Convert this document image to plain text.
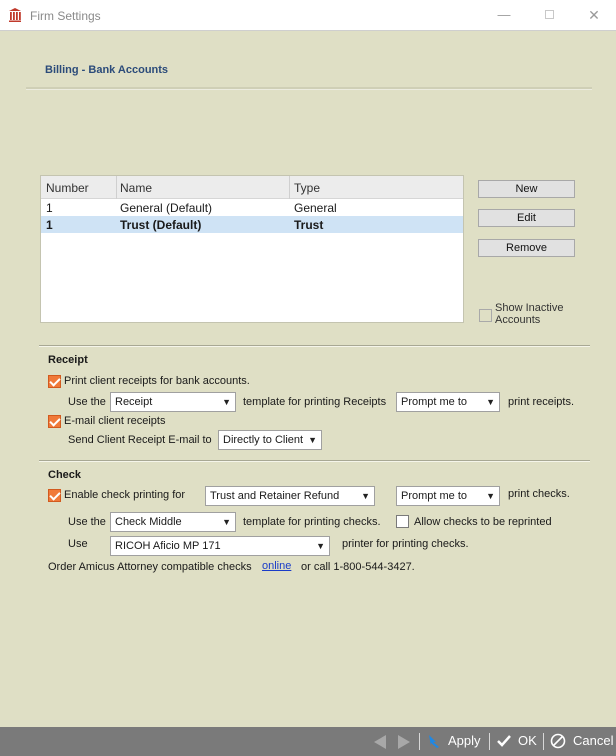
Firm Settings	—	✕
Billing - Bank Accounts
Number	Name	Type
1	General (Default)	General
1	Trust (Default)	Trust
New
Edit
Remove
Show Inactive
Accounts
Receipt
Print client receipts for bank accounts.
Use the Receipt	▼ template for printing Receipts	Prompt me to ▼ print receipts.
E-mail client receipts
Send Client Receipt E-mail to	Directly to Client ▼
Check
Enable check printing for	Trust and Retainer Refund ▼	Prompt me to ▼ print checks.
Use the Check Middle	▼ template for printing checks.	Allow checks to be reprinted
Use	RICOH Aficio MP 171	▼ printer for printing checks.
Order Amicus Attorney compatible checks online or call 1-800-544-3427.
Apply	OK	Cancel
